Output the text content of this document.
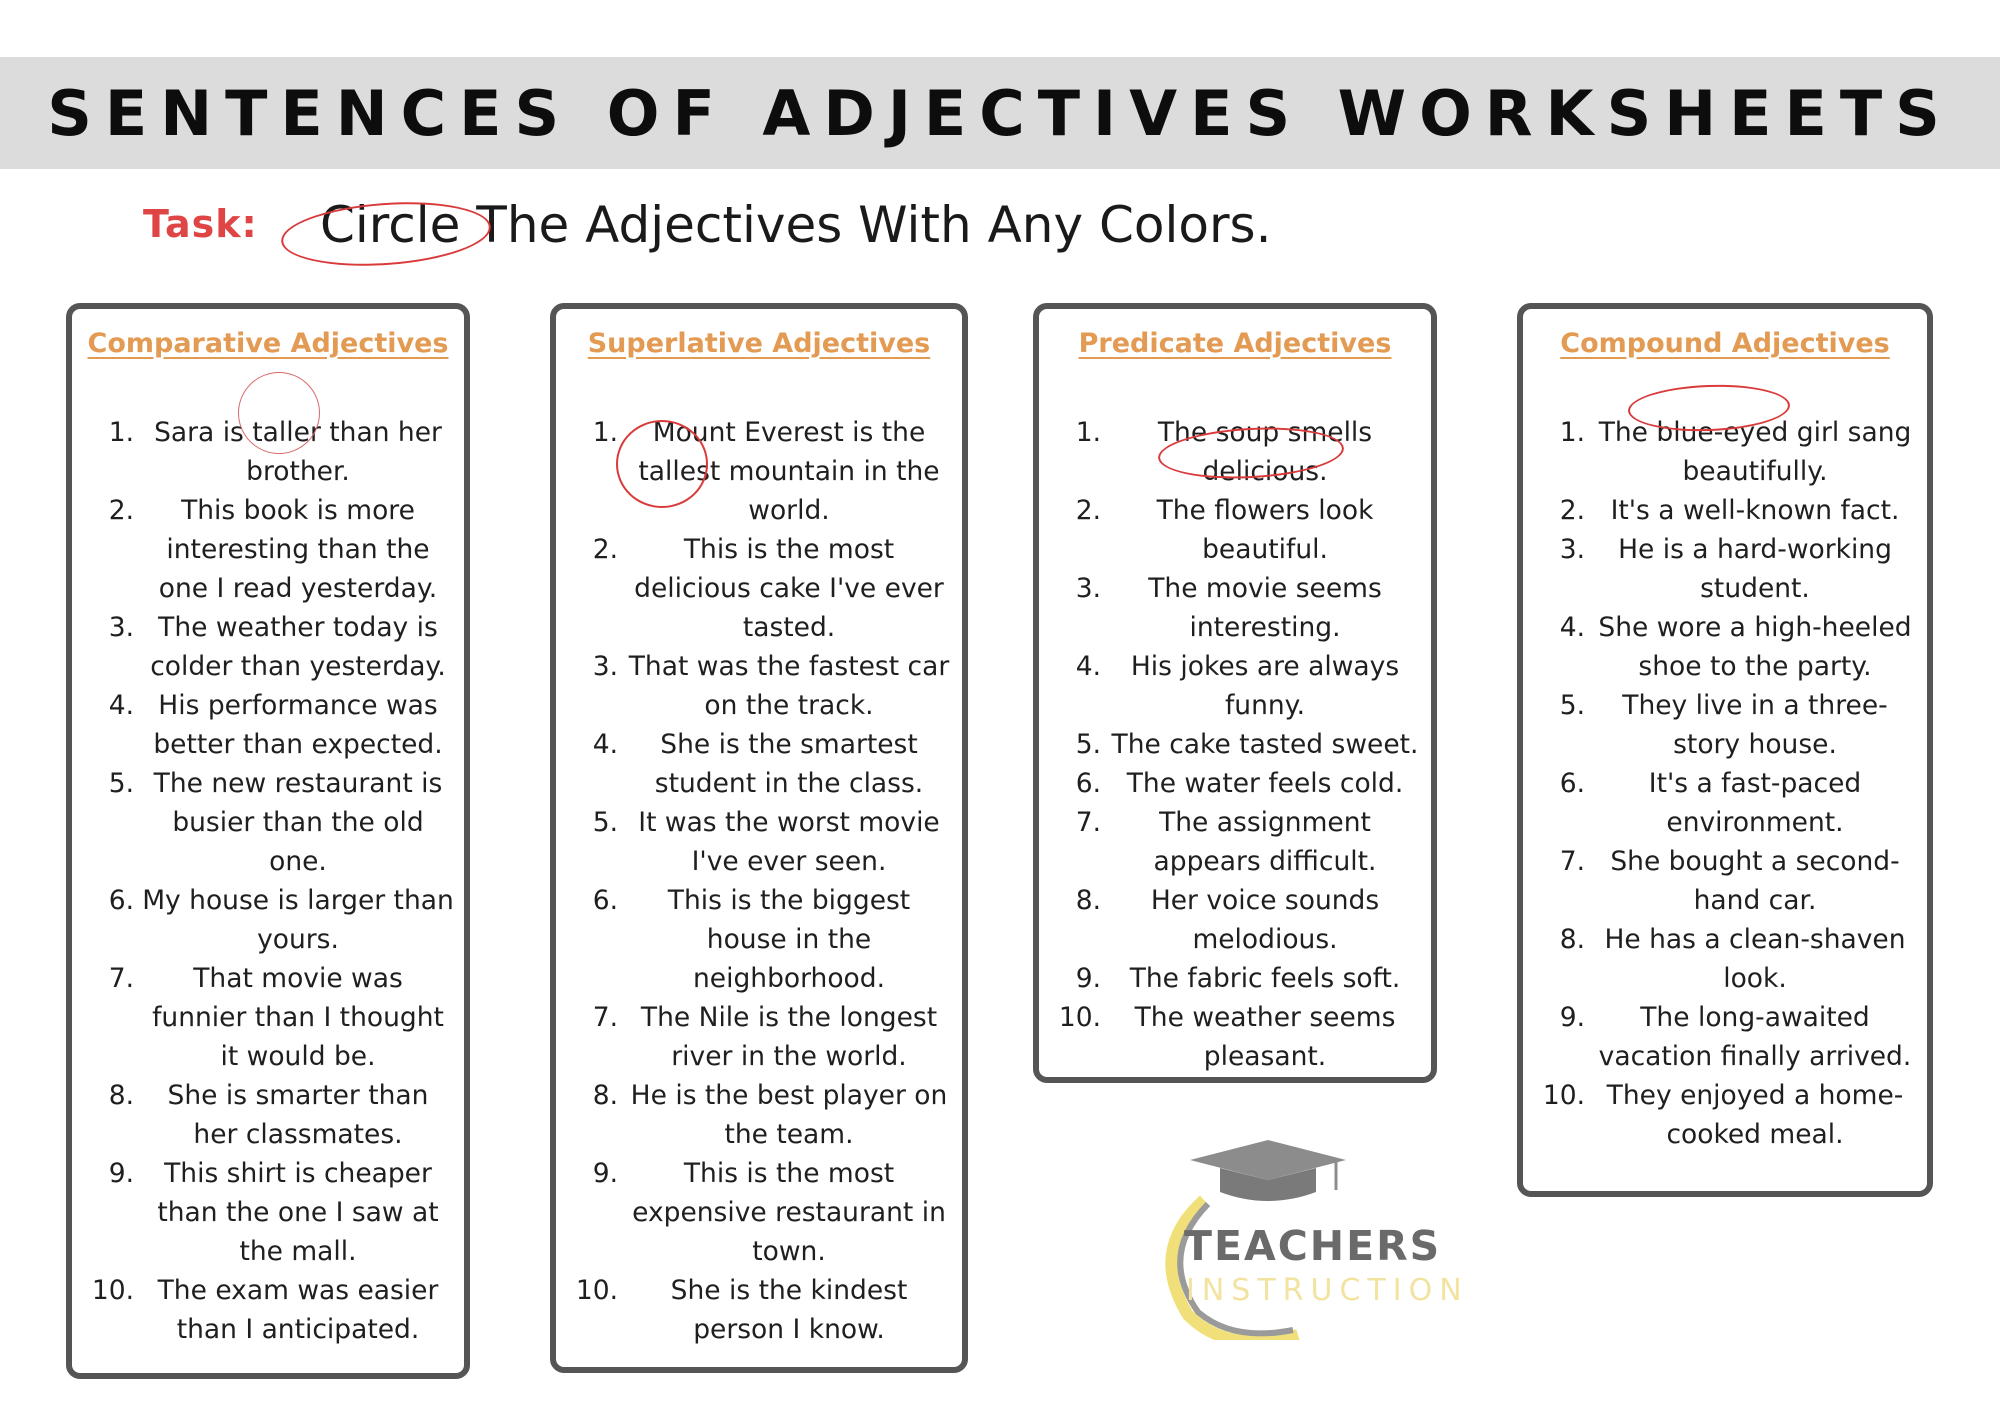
SENTENCES OF ADJECTIVES WORKSHEETS
Task: Circle The Adjectives With Any Colors.
Comparative Adjectives
1. Sara is taller than her brother.
2.	This book is more interesting than the one I read yesterday.
3. The weather today is colder than yesterday.
4. His performance was better than expected.
5. The new restaurant is busier than the old one.
6. My house is larger than yours.
7.	That movie was funnier than I thought it would be.
8.	She is smarter than her classmates.
9.	This shirt is cheaper than the one I saw at the mall.
10. The exam was easier than I anticipated.
Superlative Adjectives
1.	Mount Everest is the tallest mountain in the world.
2.	This is the most delicious cake I've ever tasted.
3. That was the fastest car on the track.
4.	She is the smartest student in the class.
5. It was the worst movie I've ever seen.
6.	This is the biggest house in the neighborhood.
7. The Nile is the longest river in the world.
8. He is the best player on the team.
9.	This is the most expensive restaurant in town.
10.	She is the kindest person I know.
Predicate Adjectives
1.	The soup smells delicious.
2.	The flowers look beautiful.
3.	The movie seems interesting.
4.	His jokes are always funny.
5. The cake tasted sweet.
6. The water feels cold.
7.	The assignment appears difficult.
8.	Her voice sounds melodious.
9.	The fabric feels soft.
10.	The weather seems pleasant.
Compound Adjectives
1. The blue-eyed girl sang beautifully.
2. It's a well-known fact.
3.	He is a hard-working student.
4. She wore a high-heeled shoe to the party.
5.	They live in a three-story house.
6.	It's a fast-paced environment.
7. She bought a second-hand car.
8. He has a clean-shaven look.
9.	The long-awaited vacation finally arrived.
10. They enjoyed a home-cooked meal.
TEACHERS
INSTRUCTION
